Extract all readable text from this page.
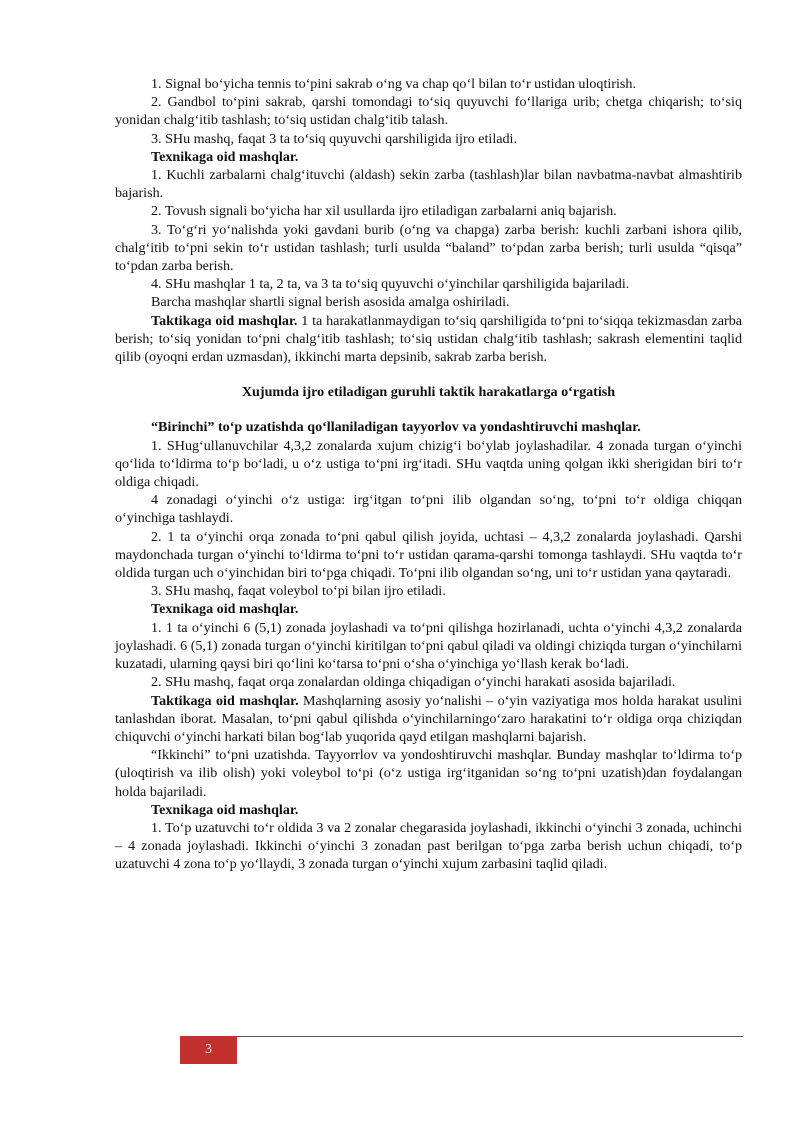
1. Signal bo‘yicha tennis to‘pini sakrab o‘ng va chap qo‘l bilan to‘r ustidan uloqtirish.

2. Gandbol to‘pini sakrab, qarshi tomondagi to‘siq quyuvchi fo‘llariga urib; chetga chiqarish; to‘siq yonidan chalg‘itib tashlash; to‘siq ustidan chalg‘itib talash.

3. SHu mashq, faqat 3 ta to‘siq quyuvchi qarshiligida ijro etiladi.

Texnikaga oid mashqlar.

1. Kuchli zarbalarni chalg‘ituvchi (aldash) sekin zarba (tashlash)lar bilan navbatma-navbat almashtirib bajarish.

2. Tovush signali bo‘yicha har xil usullarda ijro etiladigan zarbalarni aniq bajarish.

3. To‘g‘ri yo‘nalishda yoki gavdani burib (o‘ng va chapga) zarba berish: kuchli zarbani ishora qilib, chalg‘itib to‘pni sekin to‘r ustidan tashlash; turli usulda “baland” to‘pdan zarba berish; turli usulda “qisqa” to‘pdan zarba berish.

4. SHu mashqlar 1 ta, 2 ta, va 3 ta to‘siq quyuvchi o‘yinchilar qarshiligida bajariladi.

Barcha mashqlar shartli signal berish asosida amalga oshiriladi.

Taktikaga oid mashqlar. 1 ta harakatlanmaydigan to‘siq qarshiligida to‘pni to‘siqqa tekizmasdan zarba berish; to‘siq yonidan to‘pni chalg‘itib tashlash; to‘siq ustidan chalg‘itib tashlash; sakrash elementini taqlid qilib (oyoqni erdan uzmasdan), ikkinchi marta depsinib, sakrab zarba berish.

Xujumda ijro etiladigan guruhli taktik harakatlarga o‘rgatish

“Birinchi” to‘p uzatishda qo‘llaniladigan tayyorlov va yondashtiruvchi mashqlar.

1. SHug‘ullanuvchilar 4,3,2 zonalarda xujum chizig‘i bo‘ylab joylashadilar. 4 zonada turgan o‘yinchi qo‘lida to‘ldirma to‘p bo‘ladi, u o‘z ustiga to‘pni irg‘itadi. SHu vaqtda uning qolgan ikki sherigidan biri to‘r oldiga chiqadi.

4 zonadagi o‘yinchi o‘z ustiga: irg‘itgan to‘pni ilib olgandan so‘ng, to‘pni to‘r oldiga chiqqan o‘yinchiga tashlaydi.

2. 1 ta o‘yinchi orqa zonada to‘pni qabul qilish joyida, uchtasi – 4,3,2 zonalarda joylashadi. Qarshi maydonchada turgan o‘yinchi to‘ldirma to‘pni to‘r ustidan qarama-qarshi tomonga tashlaydi. SHu vaqtda to‘r oldida turgan uch o‘yinchidan biri to‘pga chiqadi. To‘pni ilib olgandan so‘ng, uni to‘r ustidan yana qaytaradi.

3. SHu mashq, faqat voleybol to‘pi bilan ijro etiladi.

Texnikaga oid mashqlar.

1. 1 ta o‘yinchi 6 (5,1) zonada joylashadi va to‘pni qilishga hozirlanadi, uchta o‘yinchi 4,3,2 zonalarda joylashadi. 6 (5,1) zonada turgan o‘yinchi kiritilgan to‘pni qabul qiladi va oldingi chiziqda turgan o‘yinchilarni kuzatadi, ularning qaysi biri qo‘lini ko‘tarsa to‘pni o‘sha o‘yinchiga yo‘llash kerak bo‘ladi.

2. SHu mashq, faqat orqa zonalardan oldinga chiqadigan o‘yinchi harakati asosida bajariladi.

Taktikaga oid mashqlar. Mashqlarning asosiy yo‘nalishi – o‘yin vaziyatiga mos holda harakat usulini tanlashdan iborat. Masalan, to‘pni qabul qilishda o‘yinchilarningo‘zaro harakatini to‘r oldiga orqa chiziqdan chiquvchi o‘yinchi harkati bilan bog‘lab yuqorida qayd etilgan mashqlarni bajarish.

“Ikkinchi” to‘pni uzatishda. Tayyorrlov va yondoshtiruvchi mashqlar. Bunday mashqlar to‘ldirma to‘p (uloqtirish va ilib olish) yoki voleybol to‘pi (o‘z ustiga irg‘itganidan so‘ng to‘pni uzatish)dan foydalangan holda bajariladi.

Texnikaga oid mashqlar.

1. To‘p uzatuvchi to‘r oldida 3 va 2 zonalar chegarasida joylashadi, ikkinchi o‘yinchi 3 zonada, uchinchi – 4 zonada joylashadi. Ikkinchi o‘yinchi 3 zonadan past berilgan to‘pga zarba berish uchun chiqadi, to‘p uzatuvchi 4 zona to‘p yo‘llaydi, 3 zonada turgan o‘yinchi xujum zarbasini taqlid qiladi.

3
